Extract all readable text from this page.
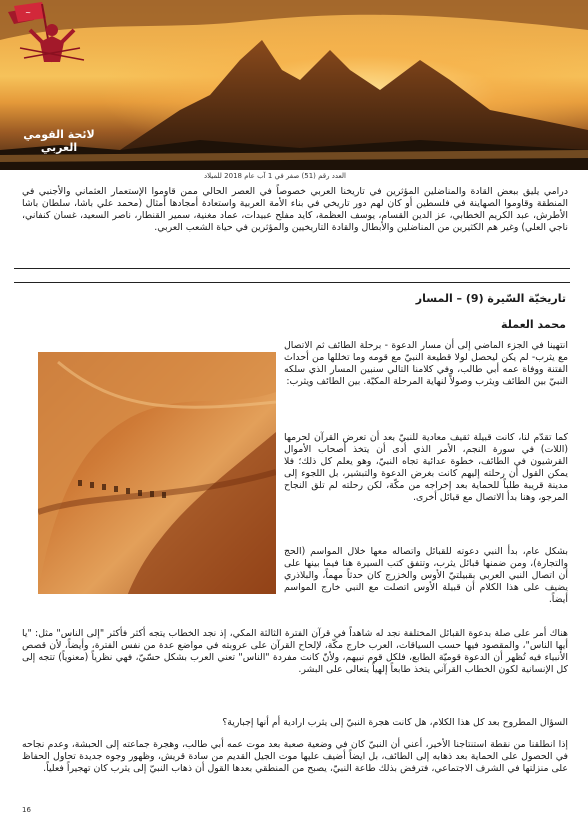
~
لائحة القومي العربي
العدد رقم (51) صفر في 1 آب عام 2018 للميلاد

درامي يليق ببعض القادة والمناضلين المؤثرين في تاريخنا العربي خصوصاً في العصر الحالي ممن قاوموا الإستعمار العثماني والأجنبي في المنطقة وقاوموا الصهاينة في فلسطين أو كان لهم دور تاريخي في بناء الأمة العربية واستعادة أمجادها أمثال (محمد علي باشا، سلطان باشا الأطرش، عبد الكريم الخطابي، عز الدين القسام، يوسف العظمة، كايد مفلح عبيدات، عماد مغنية، سمير القنطار، ناصر السعيد، غسان كنفاني، ناجي العلي) وغير هم الكثيرين من المناضلين والأبطال والقادة التاريخيين والمؤثرين في حياة الشعب العربي.

تاريخيّة السّيرة (9) – المسار
محمد العملة

انتهينا في الجزء الماضي إلى أن مسار الدعوة - برحلة الطائف ثم الاتصال مع يثرب- لم يكن ليحصل لولا قطيعة النبيّ مع قومه وما تخللها من أحداث الفتنة ووفاة عمه أبي طالب، وفي كلامنا التالي سنبين المسار الذي سلكه النبيّ بين الطائف ويثرب وصولاً لنهاية المرحلة المكيّة. بين الطائف ويثرب:

كما تقدّم لنا، كانت قبيلة ثقيف معادية للنبيّ بعد أن تعرض القرآن لحرمها (اللات) في سورة النجم، الأمر الذي أدى أن يتخذ أصحاب الأموال القرشيون في الطائف، خطوة عدائية تجاه النبيّ، وهو يعلم كل ذلك؛ فلا يمكن القول أن رحلته إليهم كانت بغرض الدعوة والتبشير، بل اللجوء إلى مدينة قريبة طلباً للحماية بعد إخراجه من مكّة، لكن رحلته لم تلق النجاح المرجو، وهنا بدأ الاتصال مع قبائل أخرى.

بشكل عام، بدأ النبي دعوته للقبائل واتصاله معها خلال المواسم (الحج والتجارة)، ومن ضمنها قبائل يثرب، وتتفق كتب السيرة هنا فيما بينها على أن اتصال النبي العربي بقبيلتيّ الأوس والخزرج كان حدثاً مهماً، والبلاذري يضيف على هذا الكلام أن قبيلة الأوس اتصلت مع النبي خارج المواسم أيضاً.

هناك أمر على صلة بدعوة القبائل المختلفة نجد له شاهداً في قرآن الفترة الثالثة المكي، إذ نجد الخطاب يتجه أكثر فأكثر "إلى الناس" مثل: "يا أيها الناس"، والمقصود فيها حسب السياقات، العرب خارج مكّة، لإلحاح القرآن على عروبته في مواضع عدة من نفس الفترة، وأيضاً، لأن قصص الأنبياء فيه تُظهر أن الدعوة قوميّة الطابع، فلكل قوم نبيهم، ولأنّ كانت مفردة "الناس" تعني العرب بشكل حسّيّ، فهي نظرياً (معنوياً) تتجه إلى كل الإنسانية لكون الخطاب القرآني يتخذ طابعاً إلهياً يتعالى على البشر.

السؤال المطروح بعد كل هذا الكلام، هل كانت هجرة النبيّ إلى يثرب ارادية أم أنها إجبارية؟

إذا انطلقنا من نقطة استنتاجنا الأخير، أعني أن النبيّ كان في وضعية صعبة بعد موت عمه أبي طالب، وهجرة جماعته إلى الحبشة، وعدم نجاحه في الحصول على الحماية بعد ذهابه إلى الطائف، بل ايضاً أضيف عليها موت الجيل القديم من سادة قريش، وظهور وجوه جديدة تحاول الحفاظ على منزلتها في الشرف الاجتماعي، فترفض بذلك طاعة النبيّ، يصبح من المنطقي بعدها القول أن ذهاب النبيّ إلى يثرب كان تهجيراً فعلياً.

16
